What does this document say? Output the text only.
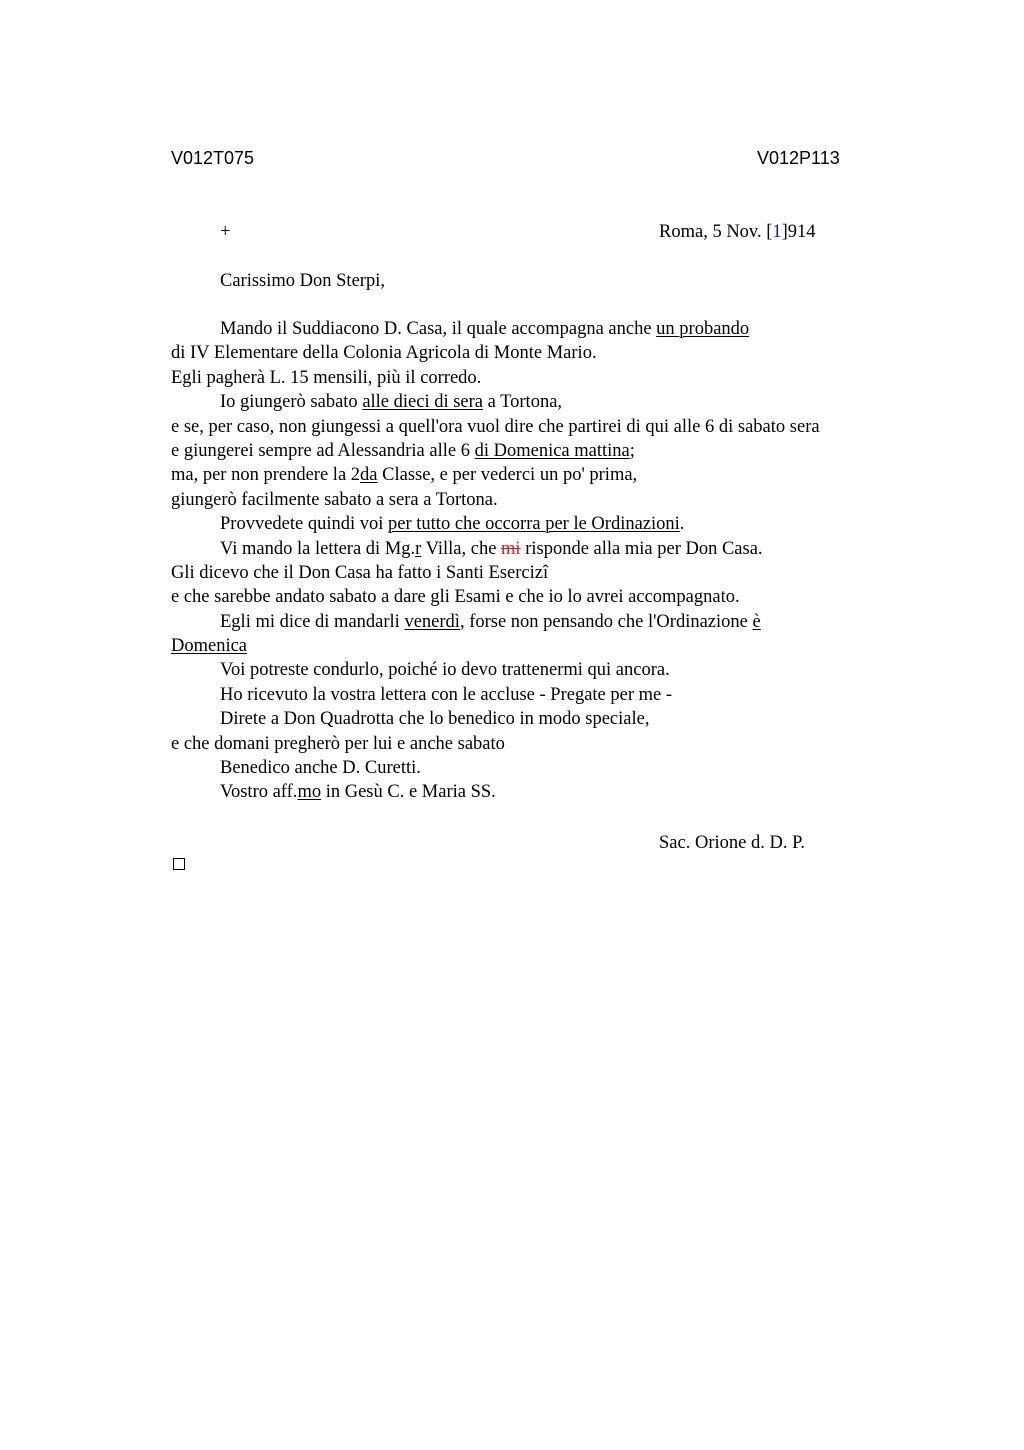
V012T075	V012P113
+	Roma, 5 Nov. [1]914
Carissimo Don Sterpi,
Mando il Suddiacono D. Casa, il quale accompagna anche un probando
di IV Elementare della Colonia Agricola di Monte Mario.
Egli pagherà L. 15 mensili, più il corredo.
Io giungerò sabato alle dieci di sera a Tortona,
e se, per caso, non giungessi a quell'ora vuol dire che partirei di qui alle 6 di sabato sera
e giungerei sempre ad Alessandria alle 6 di Domenica mattina;
ma, per non prendere la 2da Classe, e per vederci un po' prima,
giungerò facilmente sabato a sera a Tortona.
Provvedete quindi voi per tutto che occorra per le Ordinazioni.
Vi mando la lettera di Mg.r Villa, che mi risponde alla mia per Don Casa.
Gli dicevo che il Don Casa ha fatto i Santi Esercizi
e che sarebbe andato sabato a dare gli Esami e che io lo avrei accompagnato.
Egli mi dice di mandarli venerdì, forse non pensando che l'Ordinazione è
Domenica
Voi potreste condurlo, poiché io devo trattenermi qui ancora.
Ho ricevuto la vostra lettera con le accluse - Pregate per me -
Direte a Don Quadrotta che lo benedico in modo speciale,
e che domani pregherò per lui e anche sabato
Benedico anche D. Curetti.
Vostro aff.mo in Gesù C. e Maria SS.
Sac. Orione d. D. P.
